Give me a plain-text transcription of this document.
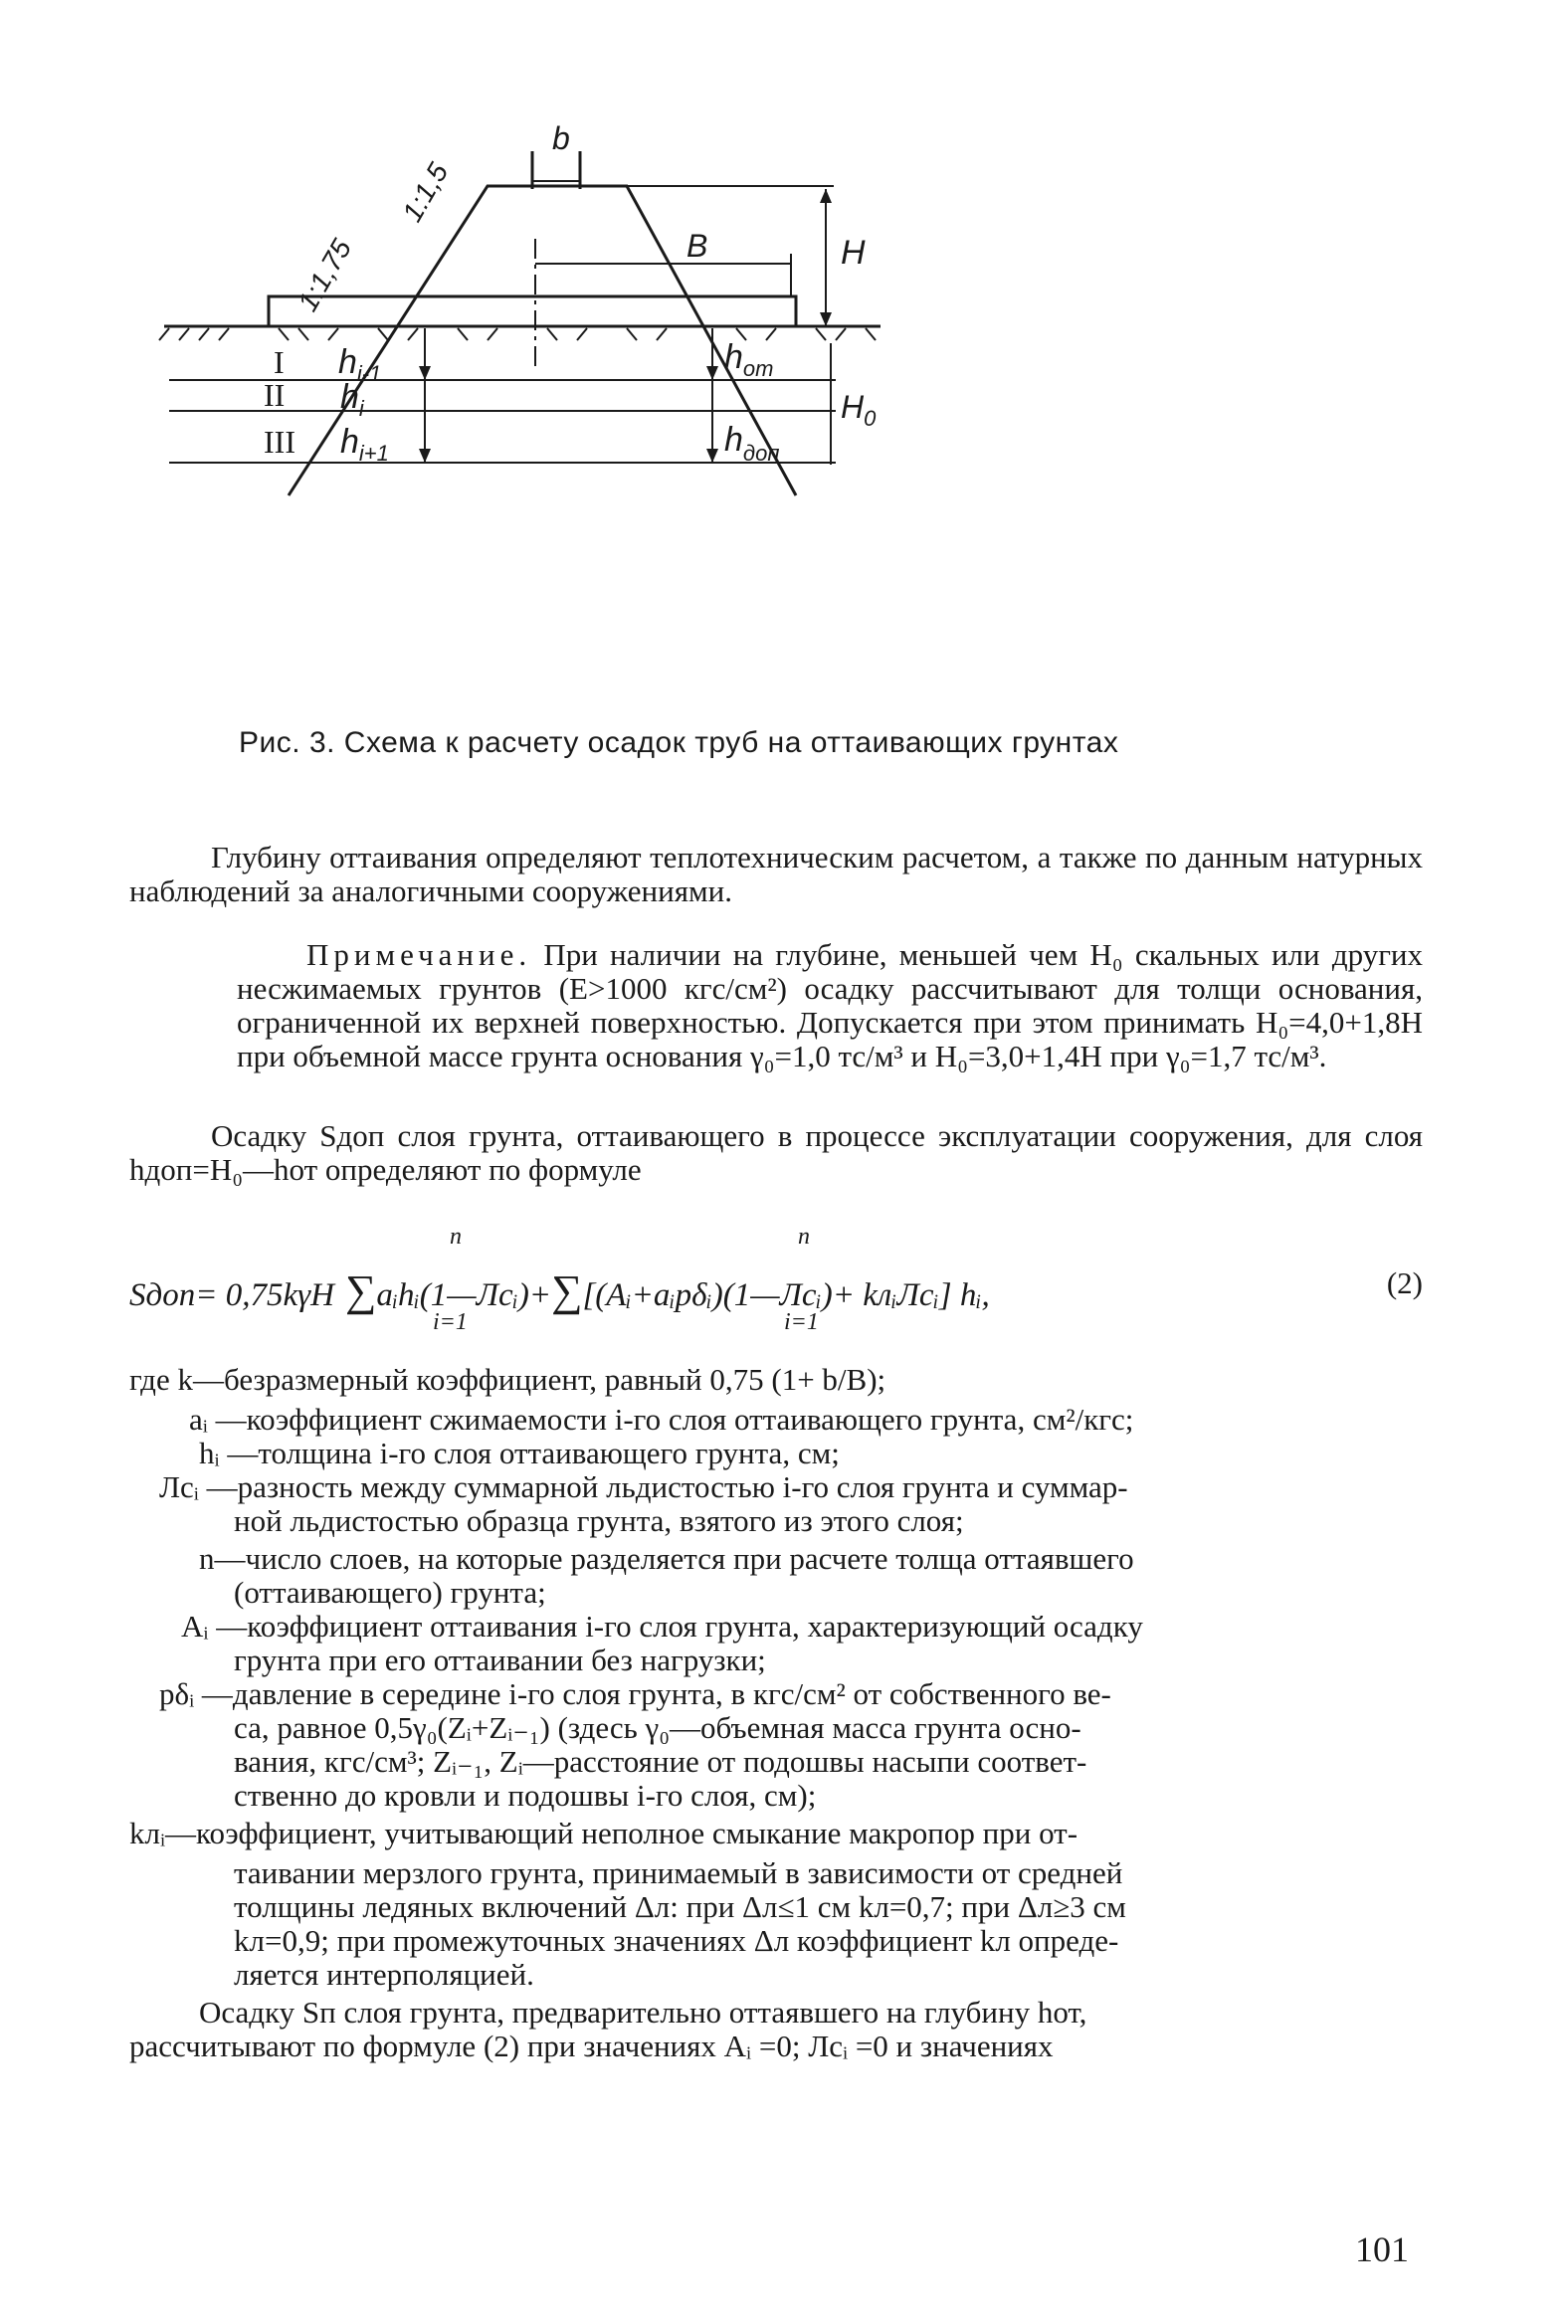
b
1:1,5
1:1,75	B	H
$H_0$
I
II
III
$h_{i-1}$
$h_i$
$h_{i+1}$
$h_{от}$
$h_{доп}$
Рис. 3. Схема к расчету осадок труб на оттаивающих грунтах

Глубину оттаивания определяют теплотехническим расчетом, а также по данным натурных наблюдений за аналогичными сооружениями.

Примечание. При наличии на глубине, меньшей чем H₀ скальных или других несжимаемых грунтов (E>1000 кгс/см²) осадку рассчитывают для толщи основания, ограниченной их верхней поверхностью. Допускается при этом принимать H₀=4,0+1,8H при объемной массе грунта основания γ₀=1,0 тс/м³ и H₀=3,0+1,4H при γ₀=1,7 тс/м³.

Осадку Sдоп слоя грунта, оттаивающего в процессе эксплуатации сооружения, для слоя hдоп=H₀—hот определяют по формуле

n
i=1
n
i=1
Sдоп= 0,75kγH ∑aᵢhᵢ(1—Лcᵢ)+∑[(Aᵢ+aᵢpδᵢ)(1—Лcᵢ)+ kлᵢЛcᵢ] hᵢ,	(2)

где k—безразмерный коэффициент, равный 0,75 (1+ b/B);

aᵢ —коэффициент сжимаемости i-го слоя оттаивающего грунта, см²/кгс;

hᵢ —толщина i-го слоя оттаивающего грунта, см;

Лcᵢ —разность между суммарной льдистостью i-го слоя грунта и суммар-

ной льдистостью образца грунта, взятого из этого слоя;

n—число слоев, на которые разделяется при расчете толща оттаявшего

(оттаивающего) грунта;

Aᵢ —коэффициент оттаивания i-го слоя грунта, характеризующий осадку

грунта при его оттаивании без нагрузки;

pδᵢ —давление в середине i-го слоя грунта, в кгс/см² от собственного ве-

са, равное 0,5γ₀(Zᵢ+Zᵢ₋₁) (здесь γ₀—объемная масса грунта осно-

вания, кгс/см³; Zᵢ₋₁, Zᵢ—расстояние от подошвы насыпи соответ-

ственно до кровли и подошвы i-го слоя, см);

kлᵢ—коэффициент, учитывающий неполное смыкание макропор при от-

таивании мерзлого грунта, принимаемый в зависимости от средней

толщины ледяных включений Δл: при Δл≤1 см kл=0,7; при Δл≥3 см

kл=0,9; при промежуточных значениях Δл коэффициент kл опреде-

ляется интерполяцией.

Осадку Sп слоя грунта, предварительно оттаявшего на глубину hот,

рассчитывают по формуле (2) при значениях Aᵢ =0; Лcᵢ =0 и значениях

101
